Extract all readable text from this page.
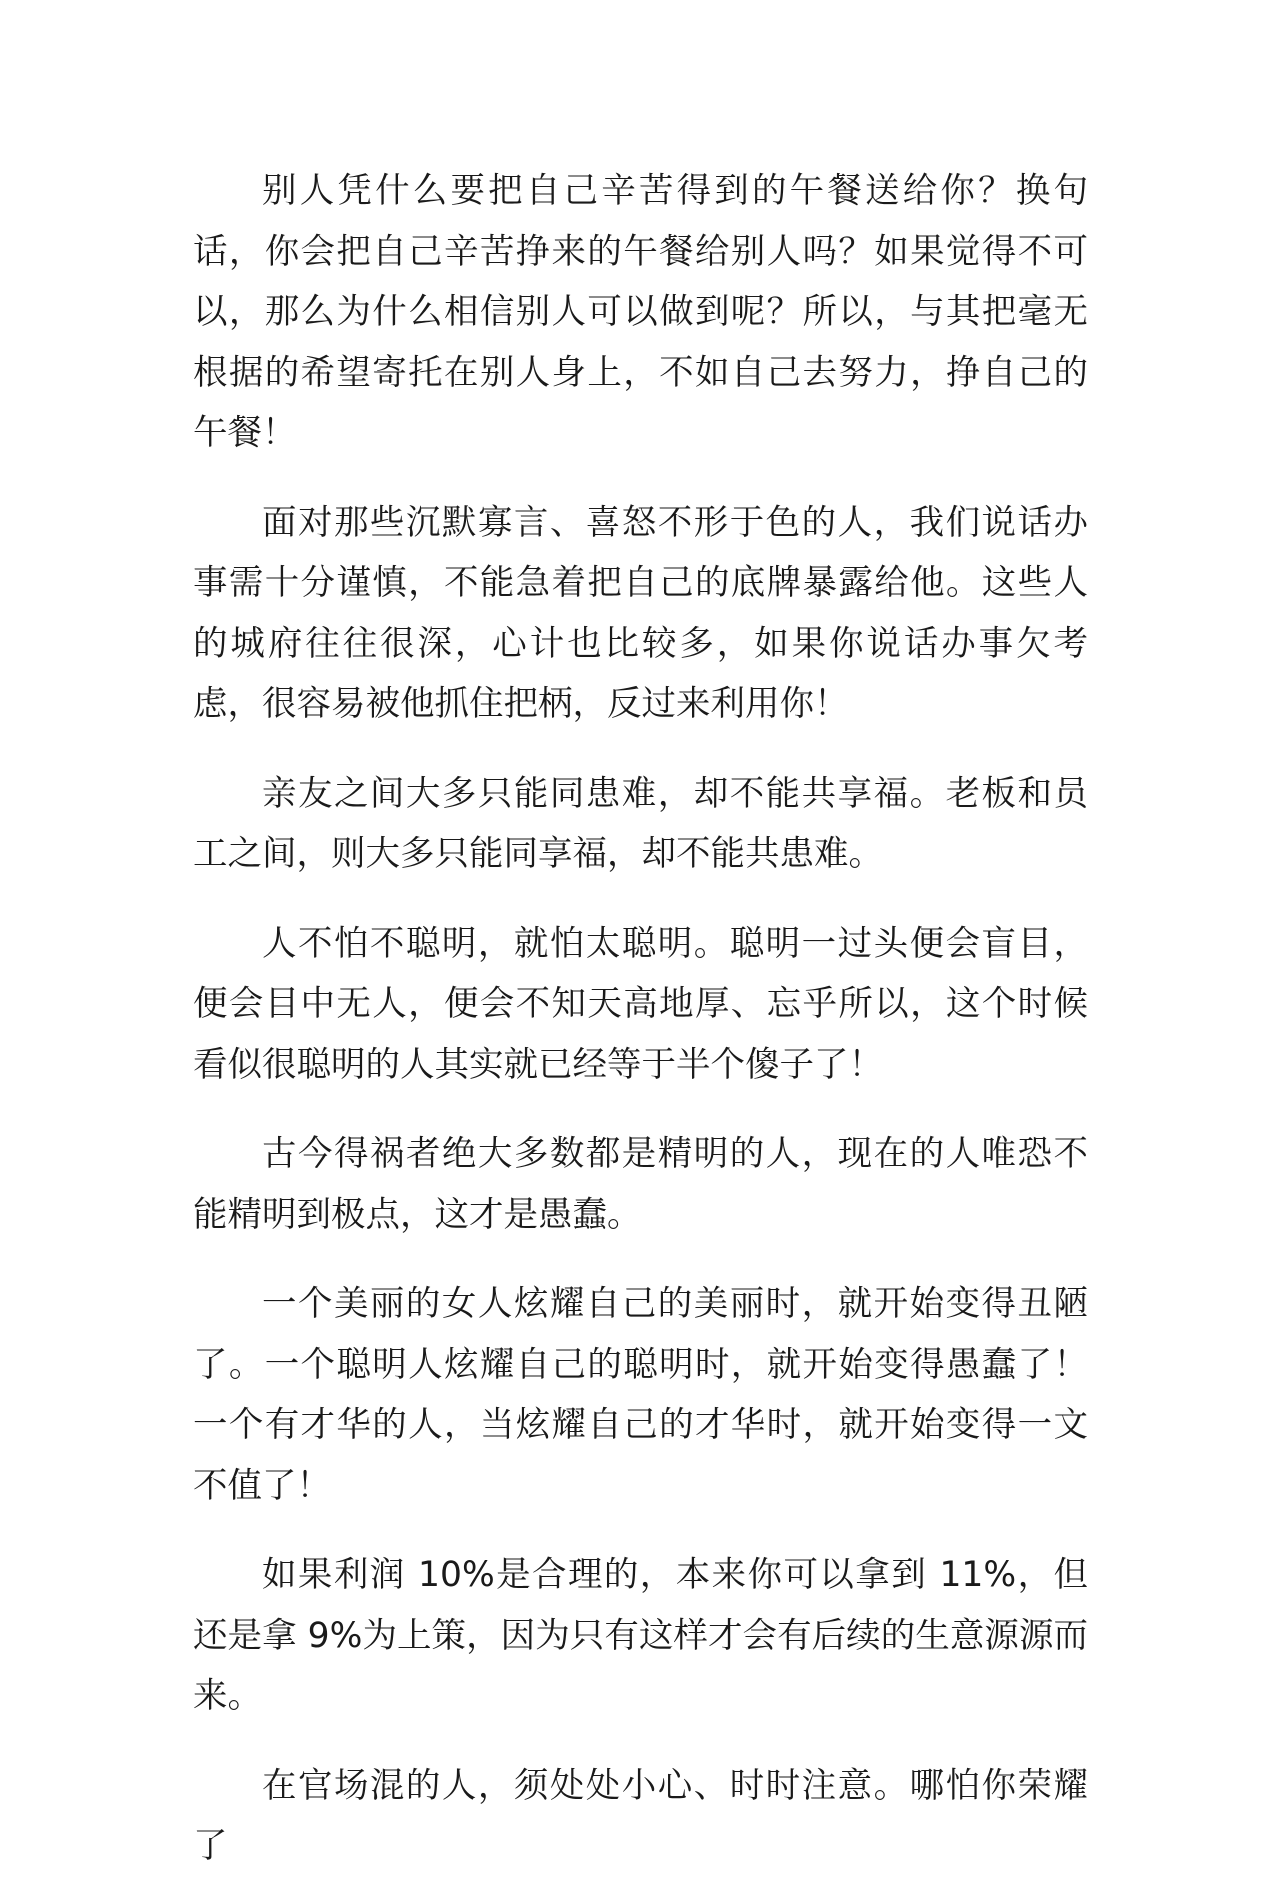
别人凭什么要把自己辛苦得到的午餐送给你？换句话，你会把自己辛苦挣来的午餐给别人吗？如果觉得不可以，那么为什么相信别人可以做到呢？所以，与其把毫无根据的希望寄托在别人身上，不如自己去努力，挣自己的午餐！

面对那些沉默寡言、喜怒不形于色的人，我们说话办事需十分谨慎，不能急着把自己的底牌暴露给他。这些人的城府往往很深，心计也比较多，如果你说话办事欠考虑，很容易被他抓住把柄，反过来利用你！

亲友之间大多只能同患难，却不能共享福。老板和员工之间，则大多只能同享福，却不能共患难。

人不怕不聪明，就怕太聪明。聪明一过头便会盲目，便会目中无人，便会不知天高地厚、忘乎所以，这个时候看似很聪明的人其实就已经等于半个傻子了！

古今得祸者绝大多数都是精明的人，现在的人唯恐不能精明到极点，这才是愚蠢。

一个美丽的女人炫耀自己的美丽时，就开始变得丑陋了。一个聪明人炫耀自己的聪明时，就开始变得愚蠢了！一个有才华的人，当炫耀自己的才华时，就开始变得一文不值了！

如果利润 10%是合理的，本来你可以拿到 11%，但还是拿 9%为上策，因为只有这样才会有后续的生意源源而来。

在官场混的人，须处处小心、时时注意。哪怕你荣耀了
